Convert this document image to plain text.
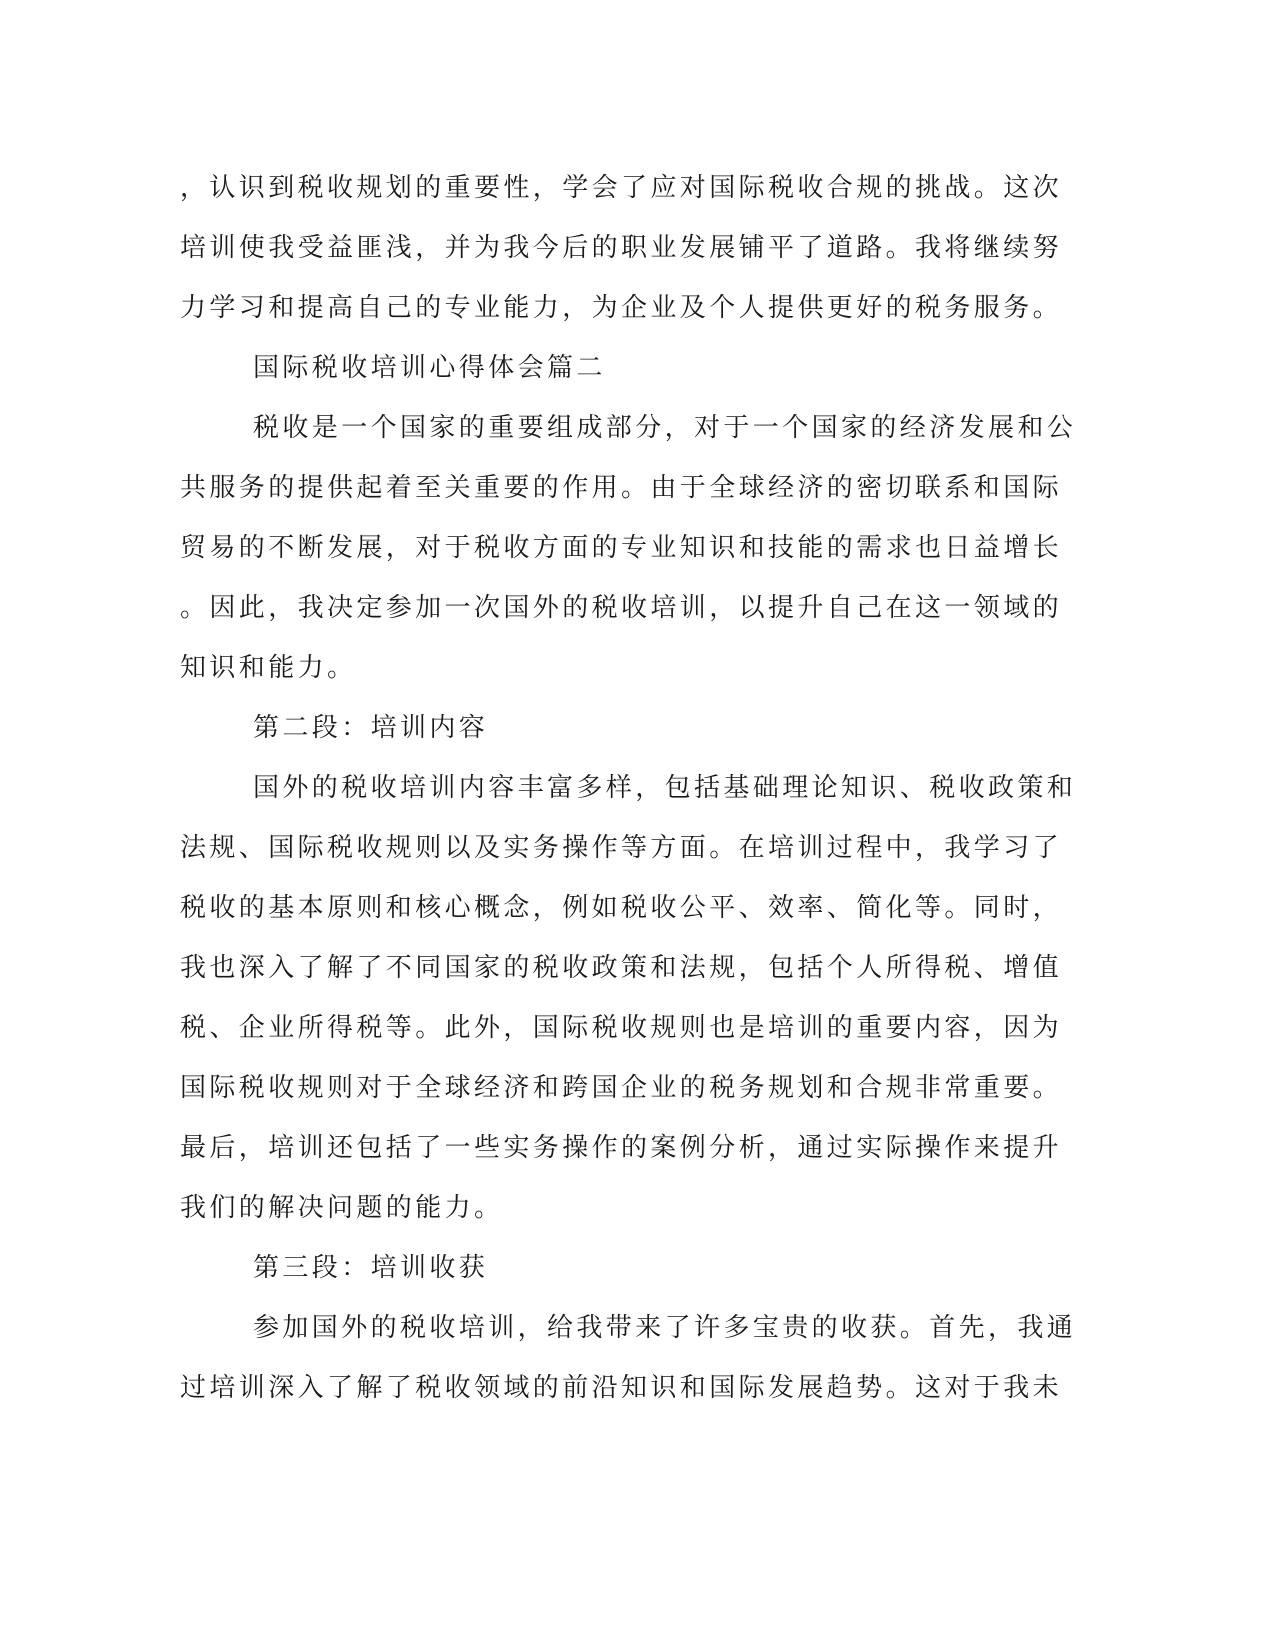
，认识到税收规划的重要性，学会了应对国际税收合规的挑战。这次
培训使我受益匪浅，并为我今后的职业发展铺平了道路。我将继续努
力学习和提高自己的专业能力，为企业及个人提供更好的税务服务。
国际税收培训心得体会篇二
税收是一个国家的重要组成部分，对于一个国家的经济发展和公
共服务的提供起着至关重要的作用。由于全球经济的密切联系和国际
贸易的不断发展，对于税收方面的专业知识和技能的需求也日益增长
。因此，我决定参加一次国外的税收培训，以提升自己在这一领域的
知识和能力。
第二段：培训内容
国外的税收培训内容丰富多样，包括基础理论知识、税收政策和
法规、国际税收规则以及实务操作等方面。在培训过程中，我学习了
税收的基本原则和核心概念，例如税收公平、效率、简化等。同时，
我也深入了解了不同国家的税收政策和法规，包括个人所得税、增值
税、企业所得税等。此外，国际税收规则也是培训的重要内容，因为
国际税收规则对于全球经济和跨国企业的税务规划和合规非常重要。
最后，培训还包括了一些实务操作的案例分析，通过实际操作来提升
我们的解决问题的能力。
第三段：培训收获
参加国外的税收培训，给我带来了许多宝贵的收获。首先，我通
过培训深入了解了税收领域的前沿知识和国际发展趋势。这对于我未
